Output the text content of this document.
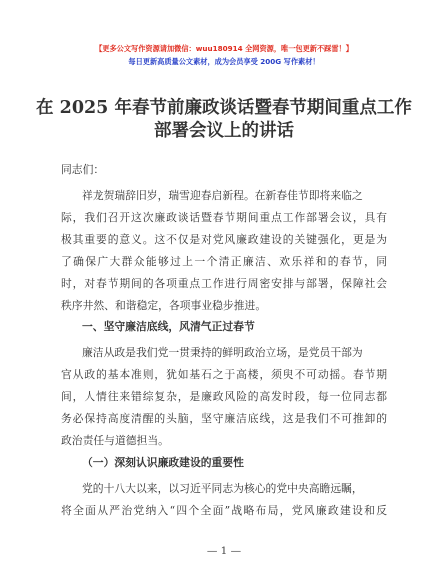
【更多公文写作资源请加微信：wuu180914 全网资源，唯一包更新不踩雷！】
每日更新高质量公文素材，成为会员享受 200G 写作素材！
在 2025 年春节前廉政谈话暨春节期间重点工作
部署会议上的讲话
同志们：
祥龙贺瑞辞旧岁，瑞雪迎春启新程。在新春佳节即将来临之
际，我们召开这次廉政谈话暨春节期间重点工作部署会议，具有
极其重要的意义。这不仅是对党风廉政建设的关键强化，更是为
了确保广大群众能够过上一个清正廉洁、欢乐祥和的春节，同
时，对春节期间的各项重点工作进行周密安排与部署，保障社会
秩序井然、和谐稳定，各项事业稳步推进。
一、坚守廉洁底线，风清气正过春节
廉洁从政是我们党一贯秉持的鲜明政治立场，是党员干部为
官从政的基本准则，犹如基石之于高楼，须臾不可动摇。春节期
间，人情往来错综复杂，是廉政风险的高发时段，每一位同志都
务必保持高度清醒的头脑，坚守廉洁底线，这是我们不可推卸的
政治责任与道德担当。
（一）深刻认识廉政建设的重要性
党的十八大以来，以习近平同志为核心的党中央高瞻远瞩，
将全面从严治党纳入“四个全面”战略布局，党风廉政建设和反
— 1 —
